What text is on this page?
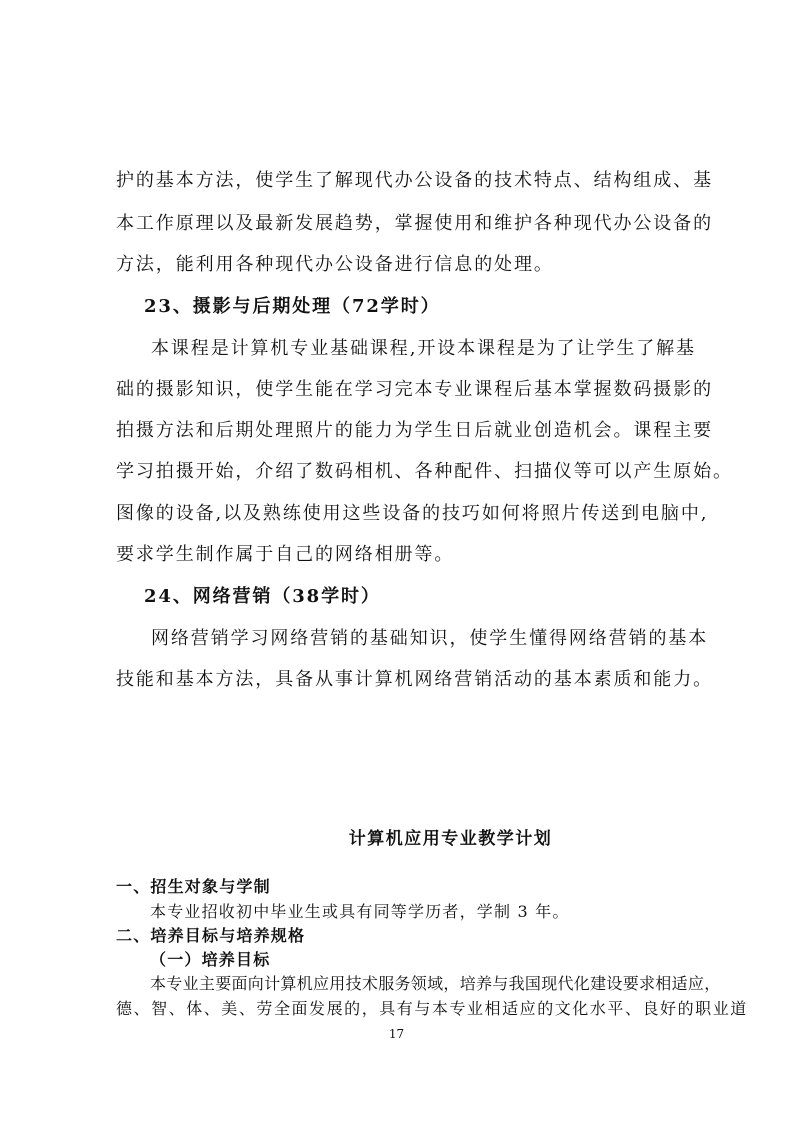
护的基本方法，使学生了解现代办公设备的技术特点、结构组成、基
本工作原理以及最新发展趋势，掌握使用和维护各种现代办公设备的
方法，能利用各种现代办公设备进行信息的处理。
23、摄影与后期处理（72学时）
本课程是计算机专业基础课程,开设本课程是为了让学生了解基
础的摄影知识，使学生能在学习完本专业课程后基本掌握数码摄影的
拍摄方法和后期处理照片的能力为学生日后就业创造机会。课程主要
学习拍摄开始，介绍了数码相机、各种配件、扫描仪等可以产生原始。
图像的设备,以及熟练使用这些设备的技巧如何将照片传送到电脑中,
要求学生制作属于自己的网络相册等。
24、网络营销（38学时）
网络营销学习网络营销的基础知识，使学生懂得网络营销的基本
技能和基本方法，具备从事计算机网络营销活动的基本素质和能力。
计算机应用专业教学计划
一、招生对象与学制
本专业招收初中毕业生或具有同等学历者，学制 3 年。
二、培养目标与培养规格
（一）培养目标
本专业主要面向计算机应用技术服务领域，培养与我国现代化建设要求相适应，
德、智、体、美、劳全面发展的，具有与本专业相适应的文化水平、良好的职业道
17
